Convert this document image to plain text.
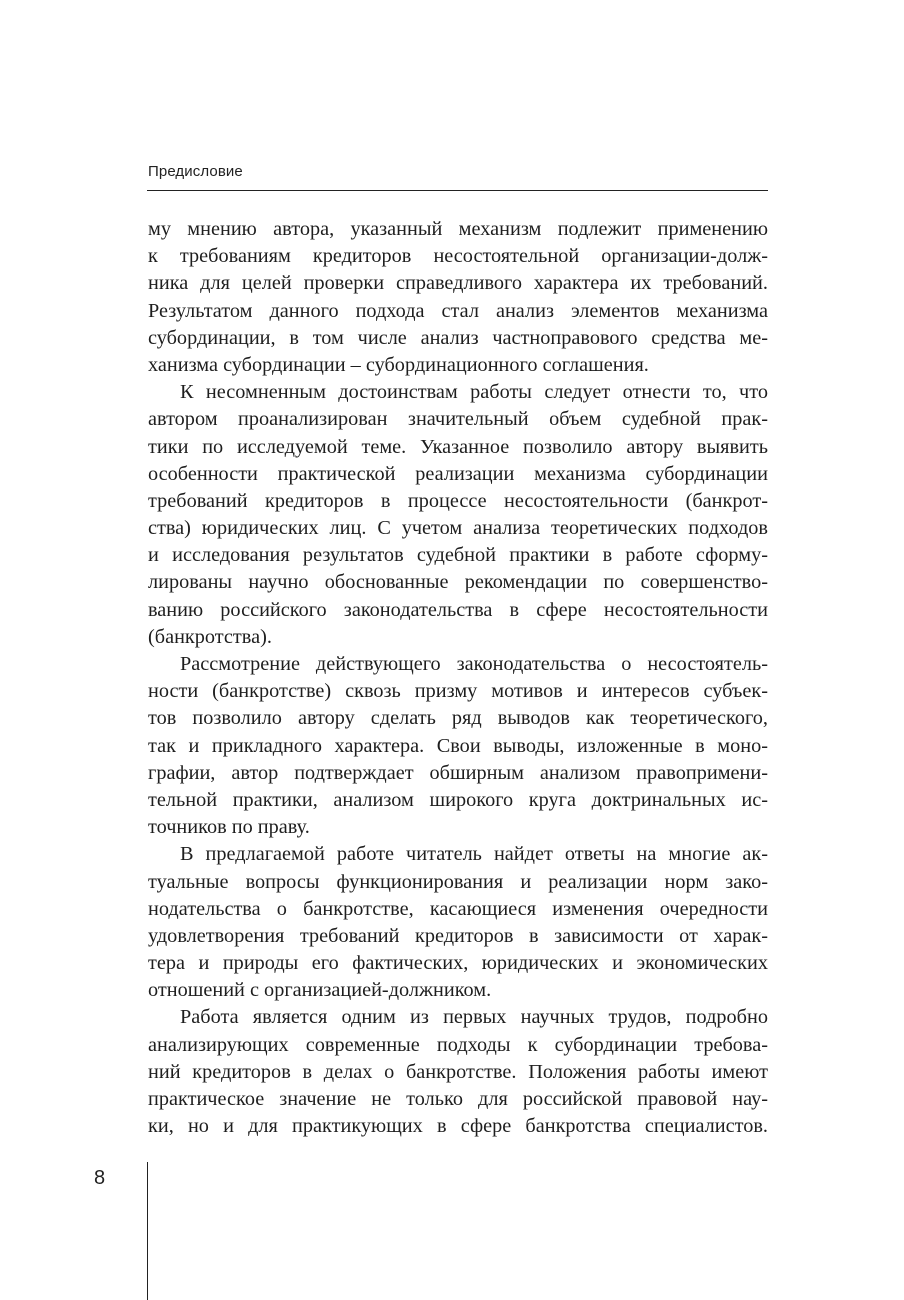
Предисловие
му мнению автора, указанный механизм подлежит применению
к требованиям кредиторов несостоятельной организации-долж-
ника для целей проверки справедливого характера их требований.
Результатом данного подхода стал анализ элементов механизма
субординации, в том числе анализ частноправового средства ме-
ханизма субординации – субординационного соглашения.
К несомненным достоинствам работы следует отнести то, что
автором проанализирован значительный объем судебной прак-
тики по исследуемой теме. Указанное позволило автору выявить
особенности практической реализации механизма субординации
требований кредиторов в процессе несостоятельности (банкрот-
ства) юридических лиц. С учетом анализа теоретических подходов
и исследования результатов судебной практики в работе сформу-
лированы научно обоснованные рекомендации по совершенство-
ванию российского законодательства в сфере несостоятельности
(банкротства).
Рассмотрение действующего законодательства о несостоятель-
ности (банкротстве) сквозь призму мотивов и интересов субъек-
тов позволило автору сделать ряд выводов как теоретического,
так и прикладного характера. Свои выводы, изложенные в моно-
графии, автор подтверждает обширным анализом правопримени-
тельной практики, анализом широкого круга доктринальных ис-
точников по праву.
В предлагаемой работе читатель найдет ответы на многие ак-
туальные вопросы функционирования и реализации норм зако-
нодательства о банкротстве, касающиеся изменения очередности
удовлетворения требований кредиторов в зависимости от харак-
тера и природы его фактических, юридических и экономических
отношений с организацией-должником.
Работа является одним из первых научных трудов, подробно
анализирующих современные подходы к субординации требова-
ний кредиторов в делах о банкротстве. Положения работы имеют
практическое значение не только для российской правовой нау-
ки, но и для практикующих в сфере банкротства специалистов.
8
